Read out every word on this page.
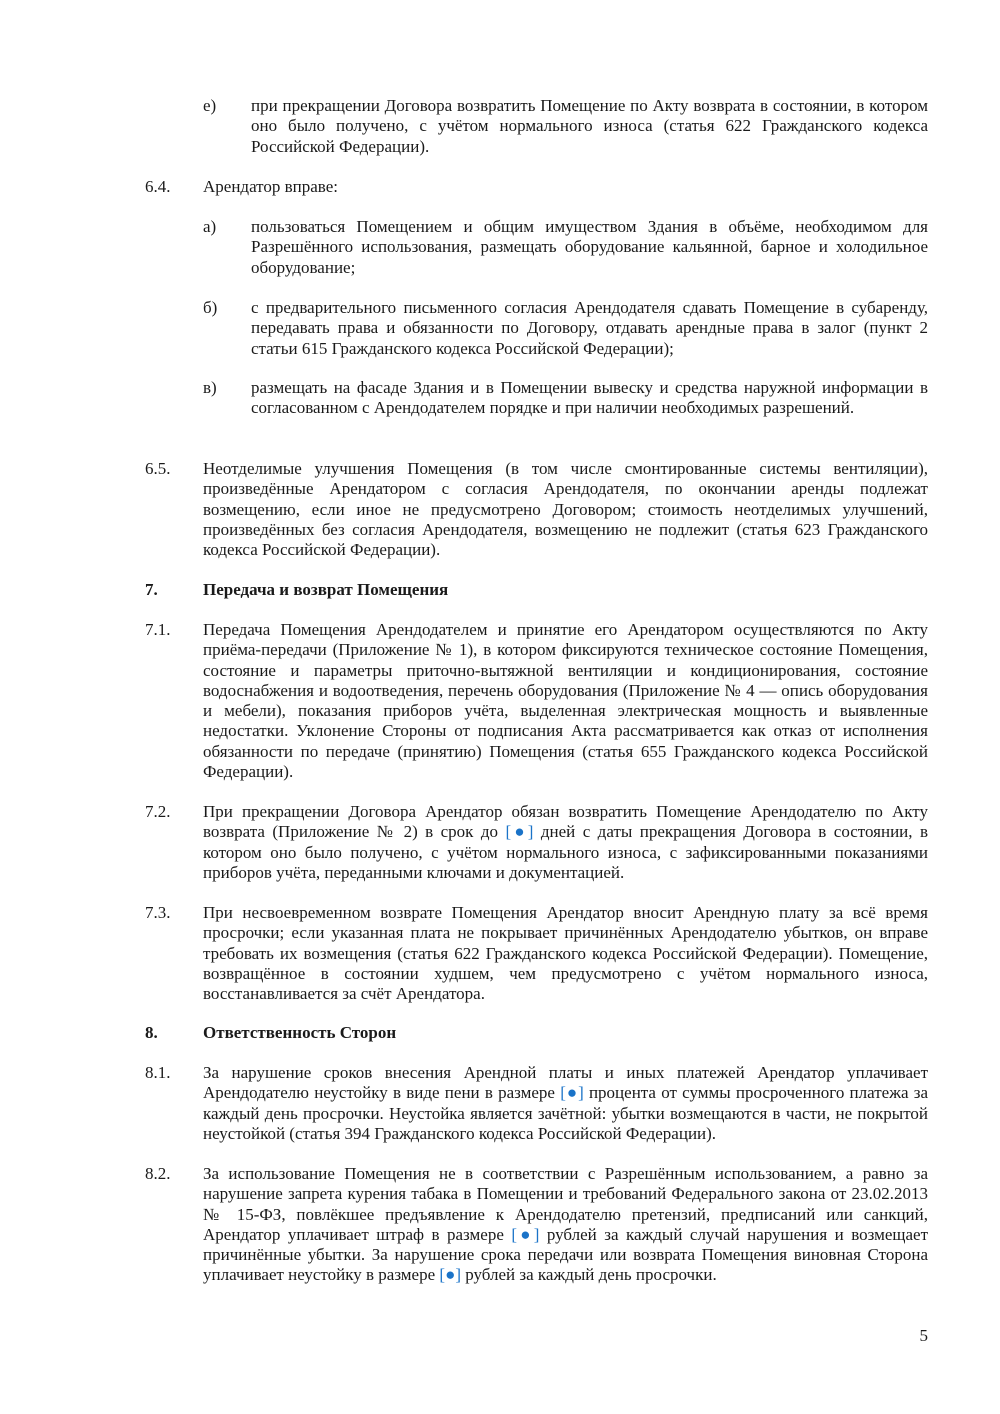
е) при прекращении Договора возвратить Помещение по Акту возврата в состоянии, в котором оно было получено, с учётом нормального износа (статья 622 Гражданского кодекса Российской Федерации).
6.4. Арендатор вправе:
а) пользоваться Помещением и общим имуществом Здания в объёме, необходимом для Разрешённого использования, размещать оборудование кальянной, барное и холодильное оборудование;
б) с предварительного письменного согласия Арендодателя сдавать Помещение в субаренду, передавать права и обязанности по Договору, отдавать арендные права в залог (пункт 2 статьи 615 Гражданского кодекса Российской Федерации);
в) размещать на фасаде Здания и в Помещении вывеску и средства наружной информации в согласованном с Арендодателем порядке и при наличии необходимых разрешений.
6.5. Неотделимые улучшения Помещения (в том числе смонтированные системы вентиляции), произведённые Арендатором с согласия Арендодателя, по окончании аренды подлежат возмещению, если иное не предусмотрено Договором; стоимость неотделимых улучшений, произведённых без согласия Арендодателя, возмещению не подлежит (статья 623 Гражданского кодекса Российской Федерации).
7.	Передача и возврат Помещения
7.1. Передача Помещения Арендодателем и принятие его Арендатором осуществляются по Акту приёма-передачи (Приложение № 1), в котором фиксируются техническое состояние Помещения, состояние и параметры приточно-вытяжной вентиляции и кондиционирования, состояние водоснабжения и водоотведения, перечень оборудования (Приложение № 4 — опись оборудования и мебели), показания приборов учёта, выделенная электрическая мощность и выявленные недостатки. Уклонение Стороны от подписания Акта рассматривается как отказ от исполнения обязанности по передаче (принятию) Помещения (статья 655 Гражданского кодекса Российской Федерации).
7.2. При прекращении Договора Арендатор обязан возвратить Помещение Арендодателю по Акту возврата (Приложение № 2) в срок до [●] дней с даты прекращения Договора в состоянии, в котором оно было получено, с учётом нормального износа, с зафиксированными показаниями приборов учёта, переданными ключами и документацией.
7.3. При несвоевременном возврате Помещения Арендатор вносит Арендную плату за всё время просрочки; если указанная плата не покрывает причинённых Арендодателю убытков, он вправе требовать их возмещения (статья 622 Гражданского кодекса Российской Федерации). Помещение, возвращённое в состоянии худшем, чем предусмотрено с учётом нормального износа, восстанавливается за счёт Арендатора.
8.	Ответственность Сторон
8.1. За нарушение сроков внесения Арендной платы и иных платежей Арендатор уплачивает Арендодателю неустойку в виде пени в размере [●] процента от суммы просроченного платежа за каждый день просрочки. Неустойка является зачётной: убытки возмещаются в части, не покрытой неустойкой (статья 394 Гражданского кодекса Российской Федерации).
8.2. За использование Помещения не в соответствии с Разрешённым использованием, а равно за нарушение запрета курения табака в Помещении и требований Федерального закона от 23.02.2013 № 15-ФЗ, повлёкшее предъявление к Арендодателю претензий, предписаний или санкций, Арендатор уплачивает штраф в размере [●] рублей за каждый случай нарушения и возмещает причинённые убытки. За нарушение срока передачи или возврата Помещения виновная Сторона уплачивает неустойку в размере [●] рублей за каждый день просрочки.
5
